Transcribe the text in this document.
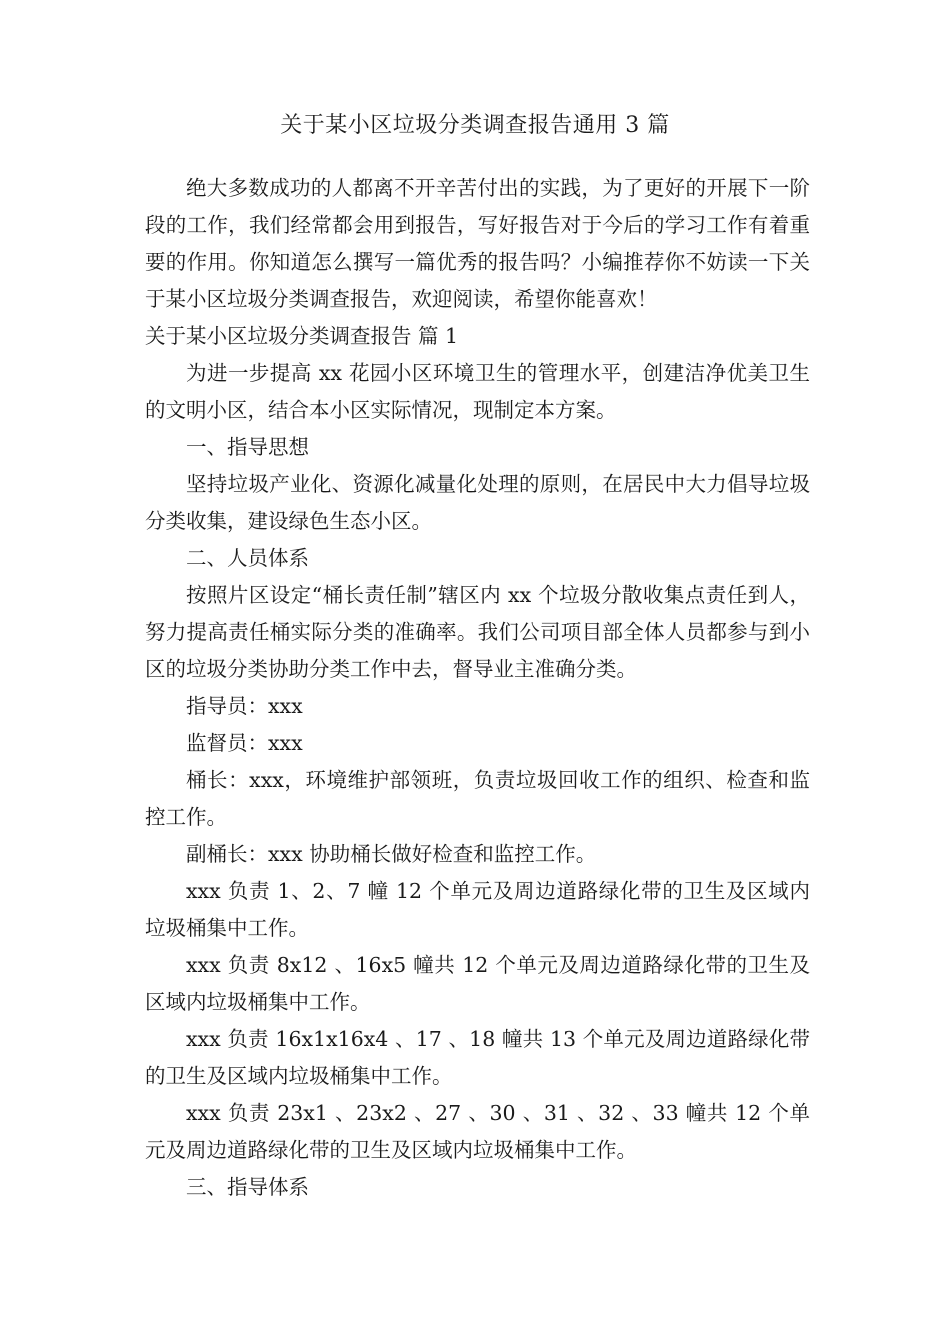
关于某小区垃圾分类调查报告通用 3 篇

绝大多数成功的人都离不开辛苦付出的实践，为了更好的开展下一阶段的工作，我们经常都会用到报告，写好报告对于今后的学习工作有着重要的作用。你知道怎么撰写一篇优秀的报告吗？小编推荐你不妨读一下关于某小区垃圾分类调查报告，欢迎阅读，希望你能喜欢！

关于某小区垃圾分类调查报告 篇 1

为进一步提高 xx 花园小区环境卫生的管理水平，创建洁净优美卫生的文明小区，结合本小区实际情况，现制定本方案。

一、指导思想

坚持垃圾产业化、资源化减量化处理的原则，在居民中大力倡导垃圾分类收集，建设绿色生态小区。

二、人员体系

按照片区设定“桶长责任制”辖区内 xx 个垃圾分散收集点责任到人，努力提高责任桶实际分类的准确率。我们公司项目部全体人员都参与到小区的垃圾分类协助分类工作中去，督导业主准确分类。

指导员：xxx

监督员：xxx

桶长：xxx，环境维护部领班，负责垃圾回收工作的组织、检查和监控工作。

副桶长：xxx 协助桶长做好检查和监控工作。

xxx 负责 1、2、7 幢 12 个单元及周边道路绿化带的卫生及区域内垃圾桶集中工作。

xxx 负责 8x12 、16x5 幢共 12 个单元及周边道路绿化带的卫生及区域内垃圾桶集中工作。

xxx 负责 16x1x16x4 、17 、18 幢共 13 个单元及周边道路绿化带的卫生及区域内垃圾桶集中工作。

xxx 负责 23x1 、23x2 、27 、30 、31 、32 、33 幢共 12 个单元及周边道路绿化带的卫生及区域内垃圾桶集中工作。

三、指导体系
